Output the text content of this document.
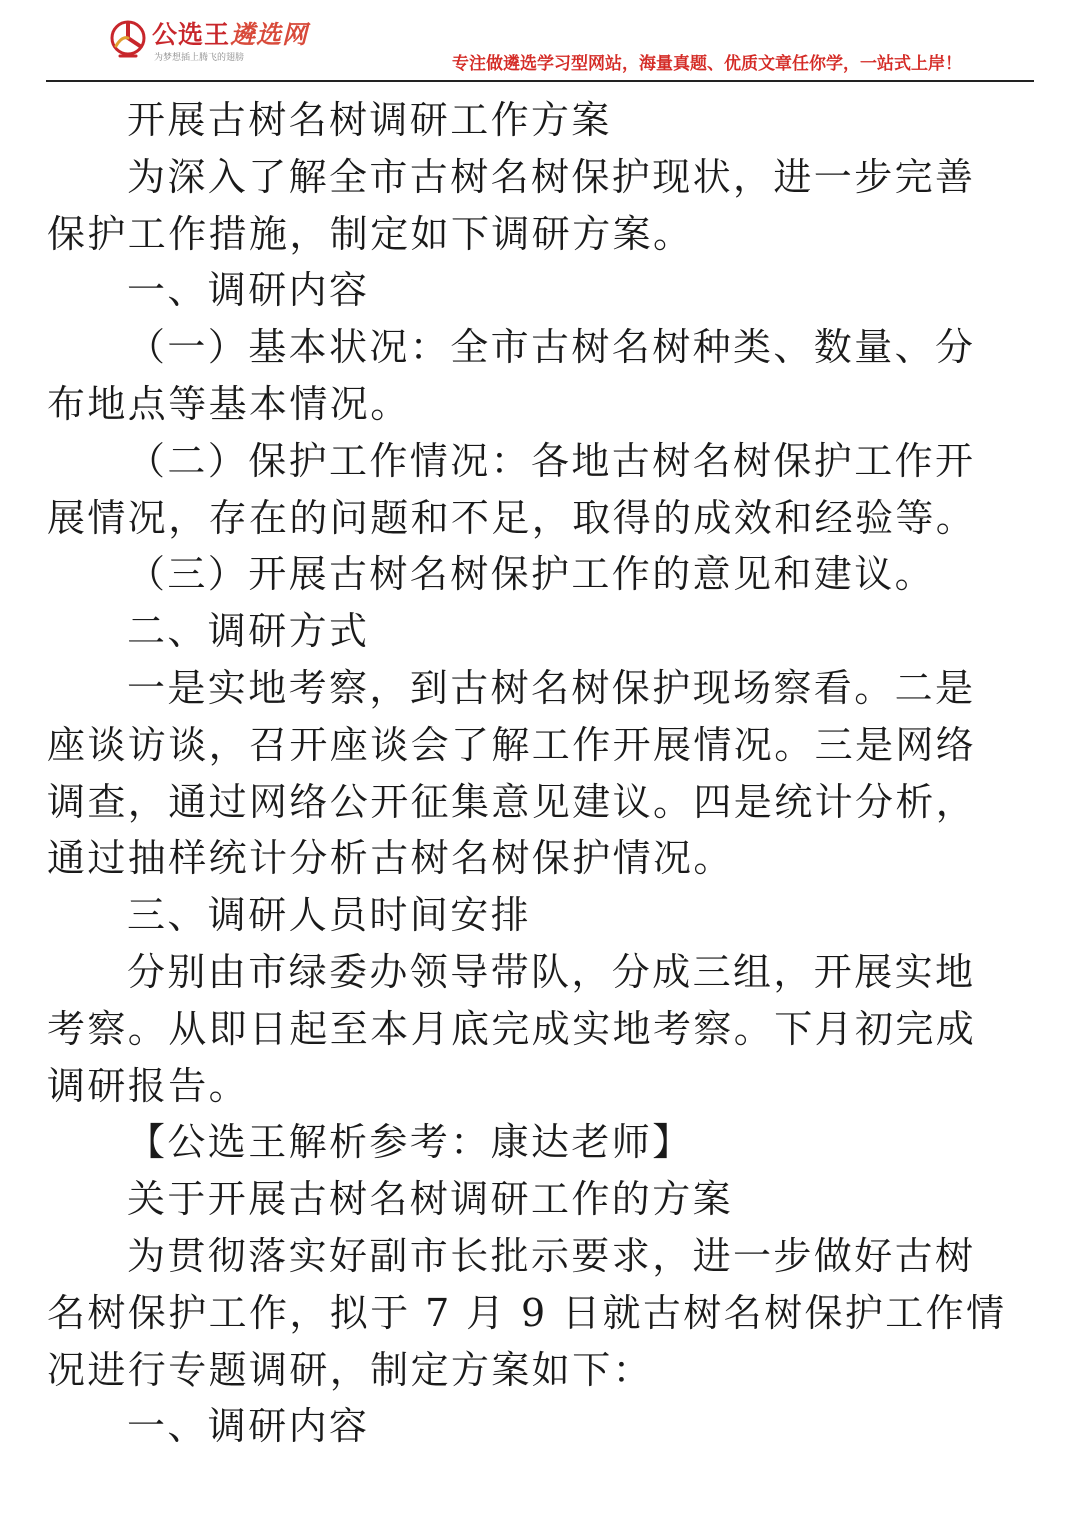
公选王遴选网
为梦想插上腾飞的翅膀	专注做遴选学习型网站，海量真题、优质文章任你学，一站式上岸！

开展古树名树调研工作方案

为深入了解全市古树名树保护现状，进一步完善保护工作措施，制定如下调研方案。

一、调研内容

（一）基本状况：全市古树名树种类、数量、分布地点等基本情况。

（二）保护工作情况：各地古树名树保护工作开展情况，存在的问题和不足，取得的成效和经验等。

（三）开展古树名树保护工作的意见和建议。

二、调研方式

一是实地考察，到古树名树保护现场察看。二是座谈访谈，召开座谈会了解工作开展情况。三是网络调查，通过网络公开征集意见建议。四是统计分析，通过抽样统计分析古树名树保护情况。

三、调研人员时间安排

分别由市绿委办领导带队，分成三组，开展实地考察。从即日起至本月底完成实地考察。下月初完成调研报告。

【公选王解析参考：康达老师】

关于开展古树名树调研工作的方案

为贯彻落实好副市长批示要求，进一步做好古树名树保护工作，拟于 7 月 9 日就古树名树保护工作情况进行专题调研，制定方案如下：

一、调研内容
